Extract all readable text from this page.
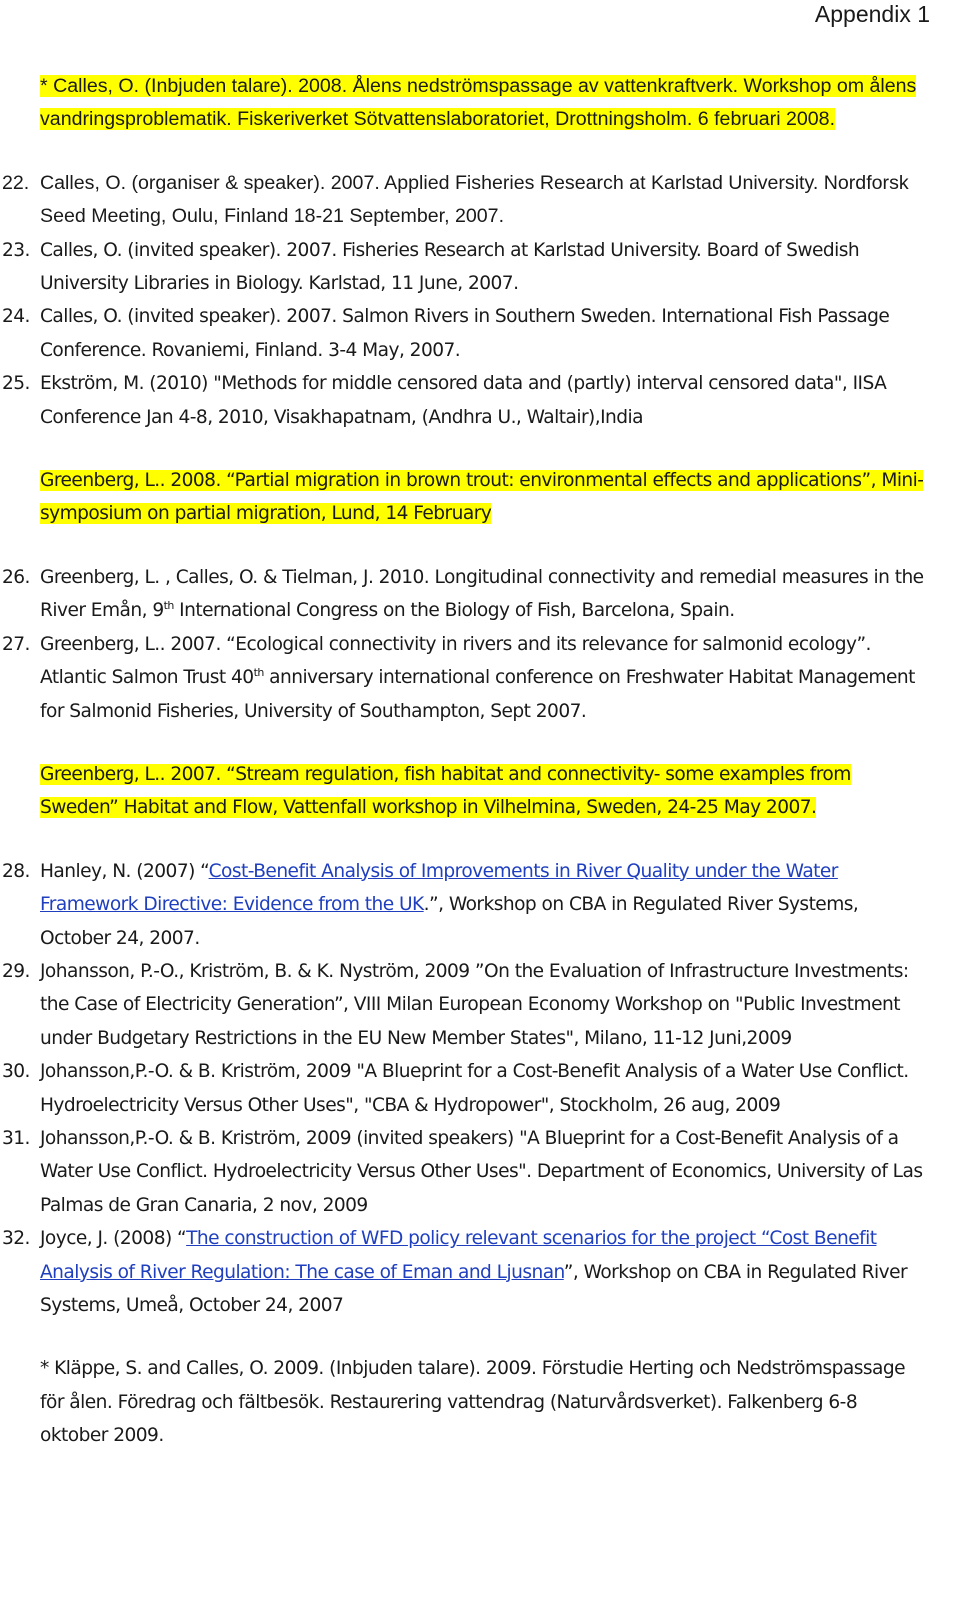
Appendix 1
* Calles, O. (Inbjuden talare). 2008. Ålens nedströmspassage av vattenkraftverk. Workshop om ålens vandringsproblematik. Fiskeriverket Sötvattenslaboratoriet, Drottningsholm. 6 februari 2008.
22. Calles, O. (organiser & speaker). 2007. Applied Fisheries Research at Karlstad University. Nordforsk Seed Meeting, Oulu, Finland 18-21 September, 2007.
23. Calles, O. (invited speaker). 2007. Fisheries Research at Karlstad University. Board of Swedish University Libraries in Biology. Karlstad, 11 June, 2007.
24. Calles, O. (invited speaker). 2007. Salmon Rivers in Southern Sweden. International Fish Passage Conference. Rovaniemi, Finland. 3-4 May, 2007.
25. Ekström, M. (2010) "Methods for middle censored data and (partly) interval censored data", IISA Conference Jan 4-8, 2010, Visakhapatnam, (Andhra U., Waltair),India
Greenberg, L.. 2008. “Partial migration in brown trout: environmental effects and applications”, Mini-symposium on partial migration, Lund, 14 February
26. Greenberg, L. , Calles, O. & Tielman, J. 2010. Longitudinal connectivity and remedial measures in the River Emån, 9th International Congress on the Biology of Fish, Barcelona, Spain.
27. Greenberg, L.. 2007. “Ecological connectivity in rivers and its relevance for salmonid ecology”. Atlantic Salmon Trust 40th anniversary international conference on Freshwater Habitat Management for Salmonid Fisheries, University of Southampton, Sept 2007.
Greenberg, L.. 2007. “Stream regulation, fish habitat and connectivity- some examples from Sweden” Habitat and Flow, Vattenfall workshop in Vilhelmina, Sweden, 24-25 May 2007.
28. Hanley, N. (2007) “Cost-Benefit Analysis of Improvements in River Quality under the Water Framework Directive: Evidence from the UK.”, Workshop on CBA in Regulated River Systems, October 24, 2007.
29. Johansson, P.-O., Kriström, B. & K. Nyström, 2009 ”On the Evaluation of Infrastructure Investments: the Case of Electricity Generation”, VIII Milan European Economy Workshop on "Public Investment under Budgetary Restrictions in the EU New Member States", Milano, 11-12 Juni,2009
30. Johansson,P.-O. & B. Kriström, 2009 "A Blueprint for a Cost-Benefit Analysis of a Water Use Conflict. Hydroelectricity Versus Other Uses", "CBA & Hydropower", Stockholm, 26 aug, 2009
31. Johansson,P.-O. & B. Kriström, 2009 (invited speakers) "A Blueprint for a Cost-Benefit Analysis of a Water Use Conflict. Hydroelectricity Versus Other Uses". Department of Economics, University of Las Palmas de Gran Canaria, 2 nov, 2009
32. Joyce, J. (2008) “The construction of WFD policy relevant scenarios for the project “Cost Benefit Analysis of River Regulation: The case of Eman and Ljusnan”, Workshop on CBA in Regulated River Systems, Umeå, October 24, 2007
* Kläppe, S. and Calles, O. 2009. (Inbjuden talare). 2009. Förstudie Herting och Nedströmspassage för ålen. Föredrag och fältbesök. Restaurering vattendrag (Naturvårdsverket). Falkenberg 6-8 oktober 2009.
